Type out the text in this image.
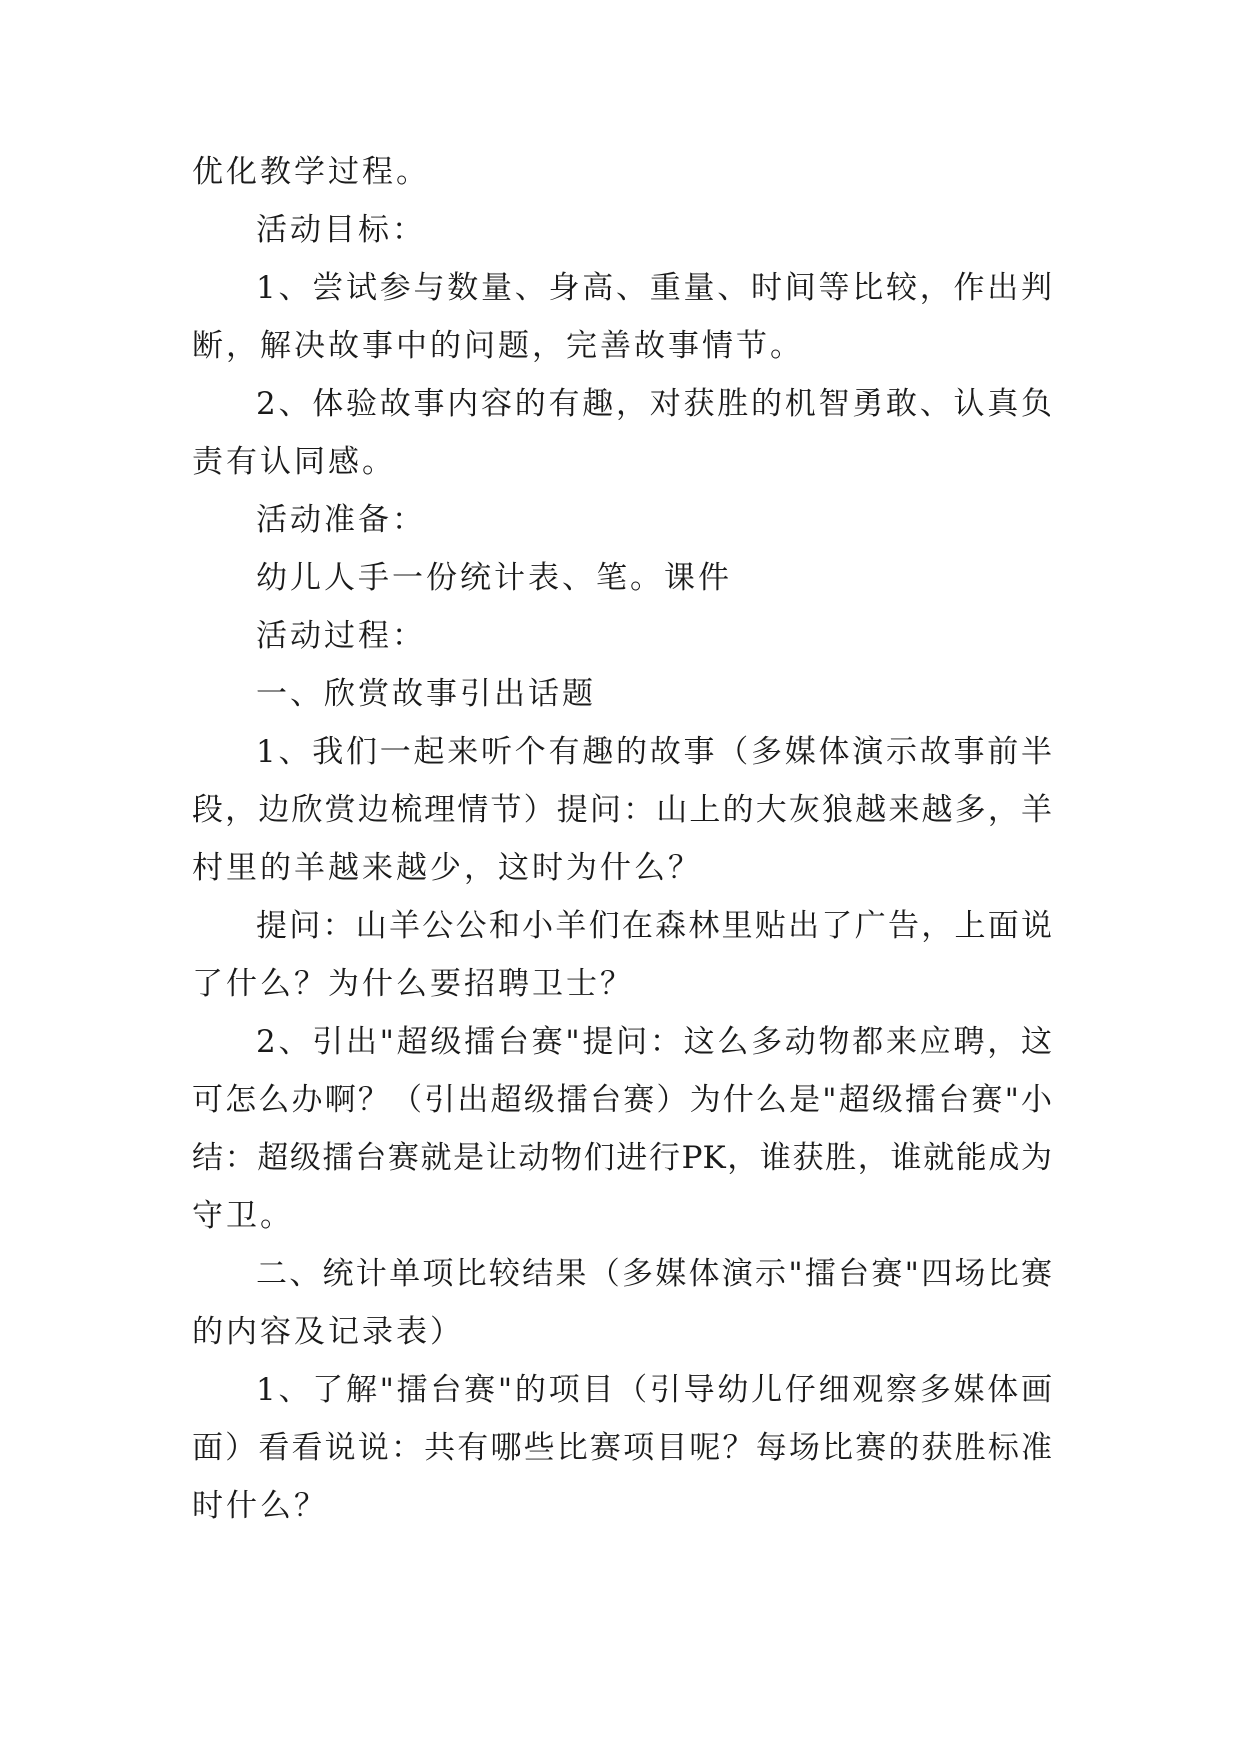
优化教学过程。
活动目标：
1、尝试参与数量、身高、重量、时间等比较，作出判
断，解决故事中的问题，完善故事情节。
2、体验故事内容的有趣，对获胜的机智勇敢、认真负
责有认同感。
活动准备：
幼儿人手一份统计表、笔。课件
活动过程：
一、欣赏故事引出话题
1、我们一起来听个有趣的故事（多媒体演示故事前半
段，边欣赏边梳理情节）提问：山上的大灰狼越来越多，羊
村里的羊越来越少，这时为什么？
提问：山羊公公和小羊们在森林里贴出了广告，上面说
了什么？为什么要招聘卫士？
2、引出"超级擂台赛"提问：这么多动物都来应聘，这
可怎么办啊？（引出超级擂台赛）为什么是"超级擂台赛"小
结：超级擂台赛就是让动物们进行PK，谁获胜，谁就能成为
守卫。
二、统计单项比较结果（多媒体演示"擂台赛"四场比赛
的内容及记录表）
1、了解"擂台赛"的项目（引导幼儿仔细观察多媒体画
面）看看说说：共有哪些比赛项目呢？每场比赛的获胜标准
时什么？
